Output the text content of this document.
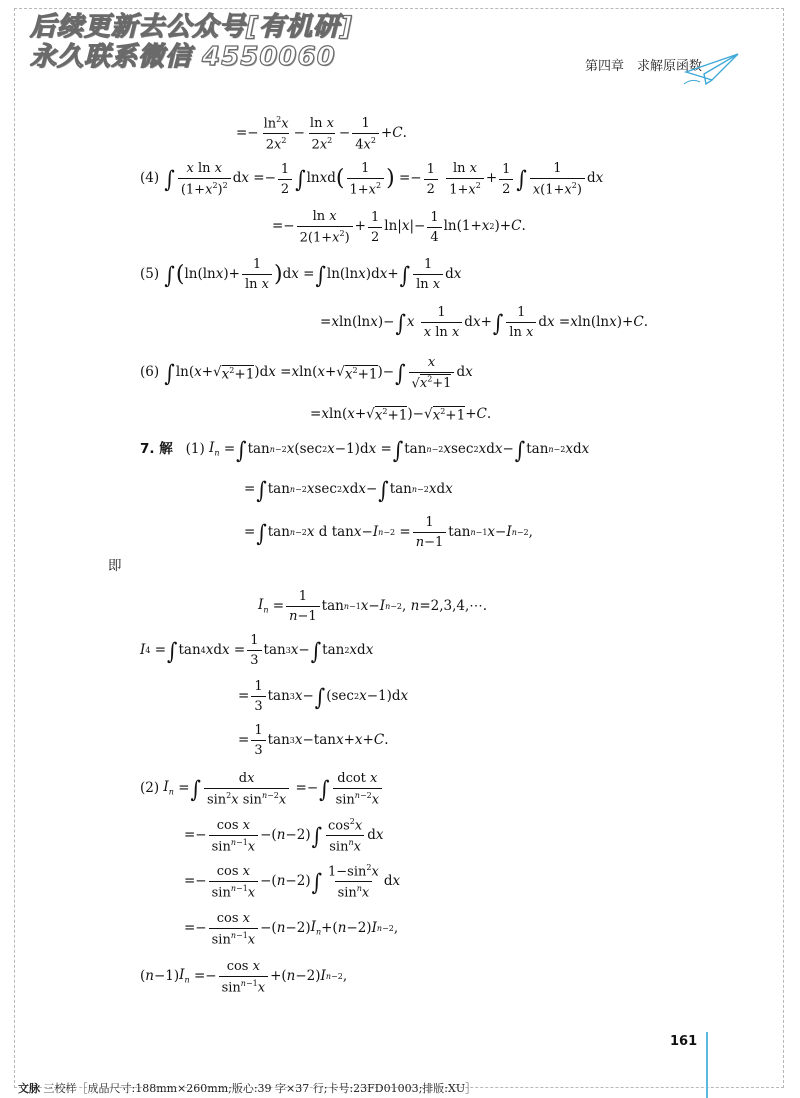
后续更新去公众号[有机研]
永久联系微信 4550060	第四章　求解原函数
=− $\frac{\ln^2x}{2x^2} - \frac{\text{ln x}}{2x^2} - \frac{1}{4x^2} + C$ .
(4) ∫ $\frac{\text{x ln x}}{(1+x^2)^2}$ d $x =- \frac{1}{2}$ ∫ ln x d ( $\frac{1}{1+x^2}$ ) =− $\frac{1}{2}$
$\frac{\text{ln x}}{1+x^2} + \frac{1}{2}$ ∫ $\frac{1}{x(1+x^2)}$ d x
=− $\frac{\text{ln x}}{2(1+x^2)} + \frac{1}{2} \ln|$ x |− $\frac{1}{4} \ln(1+ x$ 2 )+ C .
(5) ∫ ( ln(ln x )+ $\frac{1}{\text{ln x}}$ ) d x = ∫ ln(ln x )d x + ∫ $\frac{1}{\text{ln x}}$ d x
= x ln(ln x )− ∫ x
$\frac{1}{\text{x ln x}}$ d x + ∫ $\frac{1}{\text{ln x}}$ d x = x ln(ln x )+ C .
(6) ∫ ln( x +√ $x^2+1$ )d x = x ln( x +√ $x^2+1$ )− ∫ $\frac{x}{√x^2+1}$ d x
= x ln( x +√ $x^2+1$ )−√ $x^2+1 + C$ .
7. 解 (1) $I_n$ = ∫ tan n−2 x (sec 2 x −1)d x = ∫ tan n−2 x sec 2 x d x − ∫ tan n−2 x d x
= ∫ tan n−2 x sec 2 x d x − ∫ tan n−2 x d x
= ∫ tan n−2 x d tan x − I $n-2 = \frac{1}{n-1}$ tan n−1 x − I n−2 ,
即
$I_n = \frac{1}{n-1}$ tan n−1 x − I n−2 , n =2,3,4,⋯.
I 4 = ∫ tan 4 x d $x = \frac{1}{3}$ tan 3 x − ∫ tan 2 x d x
= $\frac{1}{3}$ tan 3 x − ∫ (sec 2 x −1)d x
= $\frac{1}{3}$ tan 3 x −tan x + x + C .
(2) $I_n$ = ∫ $\frac{dx}{\sin^2x \sin^{n-2}x}$ =− ∫ $\frac{\text{dcot x}}{\sin^{n-2}x}$
=− $\frac{\text{cos x}}{\sin^{n-1}x}$ −( n −2) ∫ $\frac{\cos^2x}{\sin^nx}$ d x
=− $\frac{\text{cos x}}{\sin^{n-1}x}$ −( n −2) ∫ $\frac{1-\sin^2x}{\sin^nx}$ d x
=− $\frac{\text{cos x}}{\sin^{n-1}x}$ −( n −2) $I_n$ +( n −2) I n−2 ,
( n −1) $I_n =- \frac{\text{cos x}}{\sin^{n-1}x}$ +( n −2) I n−2 ,
161
文脉 三校样［成品尺寸:188mm×260mm;版心:39 字×37 行;卡号:23FD01003;排版:XU］
